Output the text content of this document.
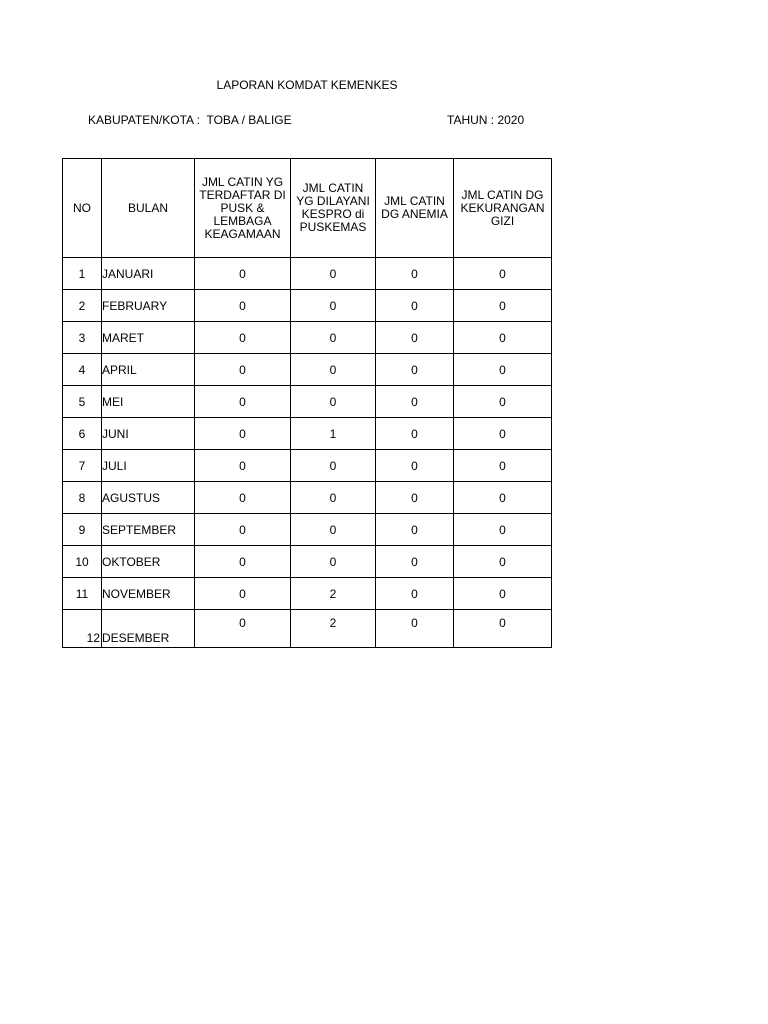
LAPORAN KOMDAT KEMENKES
KABUPATEN/KOTA :  TOBA / BALIGE	TAHUN : 2020
NO	BULAN	JML CATIN YG TERDAFTAR DI PUSK & LEMBAGA KEAGAMAAN	JML CATIN YG DILAYANI KESPRO di PUSKEMAS	JML CATIN DG ANEMIA	JML CATIN DG KEKURANGAN GIZI
1	JANUARI	0	0	0	0
2	FEBRUARY	0	0	0	0
3	MARET	0	0	0	0
4	APRIL	0	0	0	0
5	MEI	0	0	0	0
6	JUNI	0	1	0	0
7	JULI	0	0	0	0
8	AGUSTUS	0	0	0	0
9	SEPTEMBER	0	0	0	0
10	OKTOBER	0	0	0	0
11	NOVEMBER	0	2	0	0
12	DESEMBER	0	2	0	0
